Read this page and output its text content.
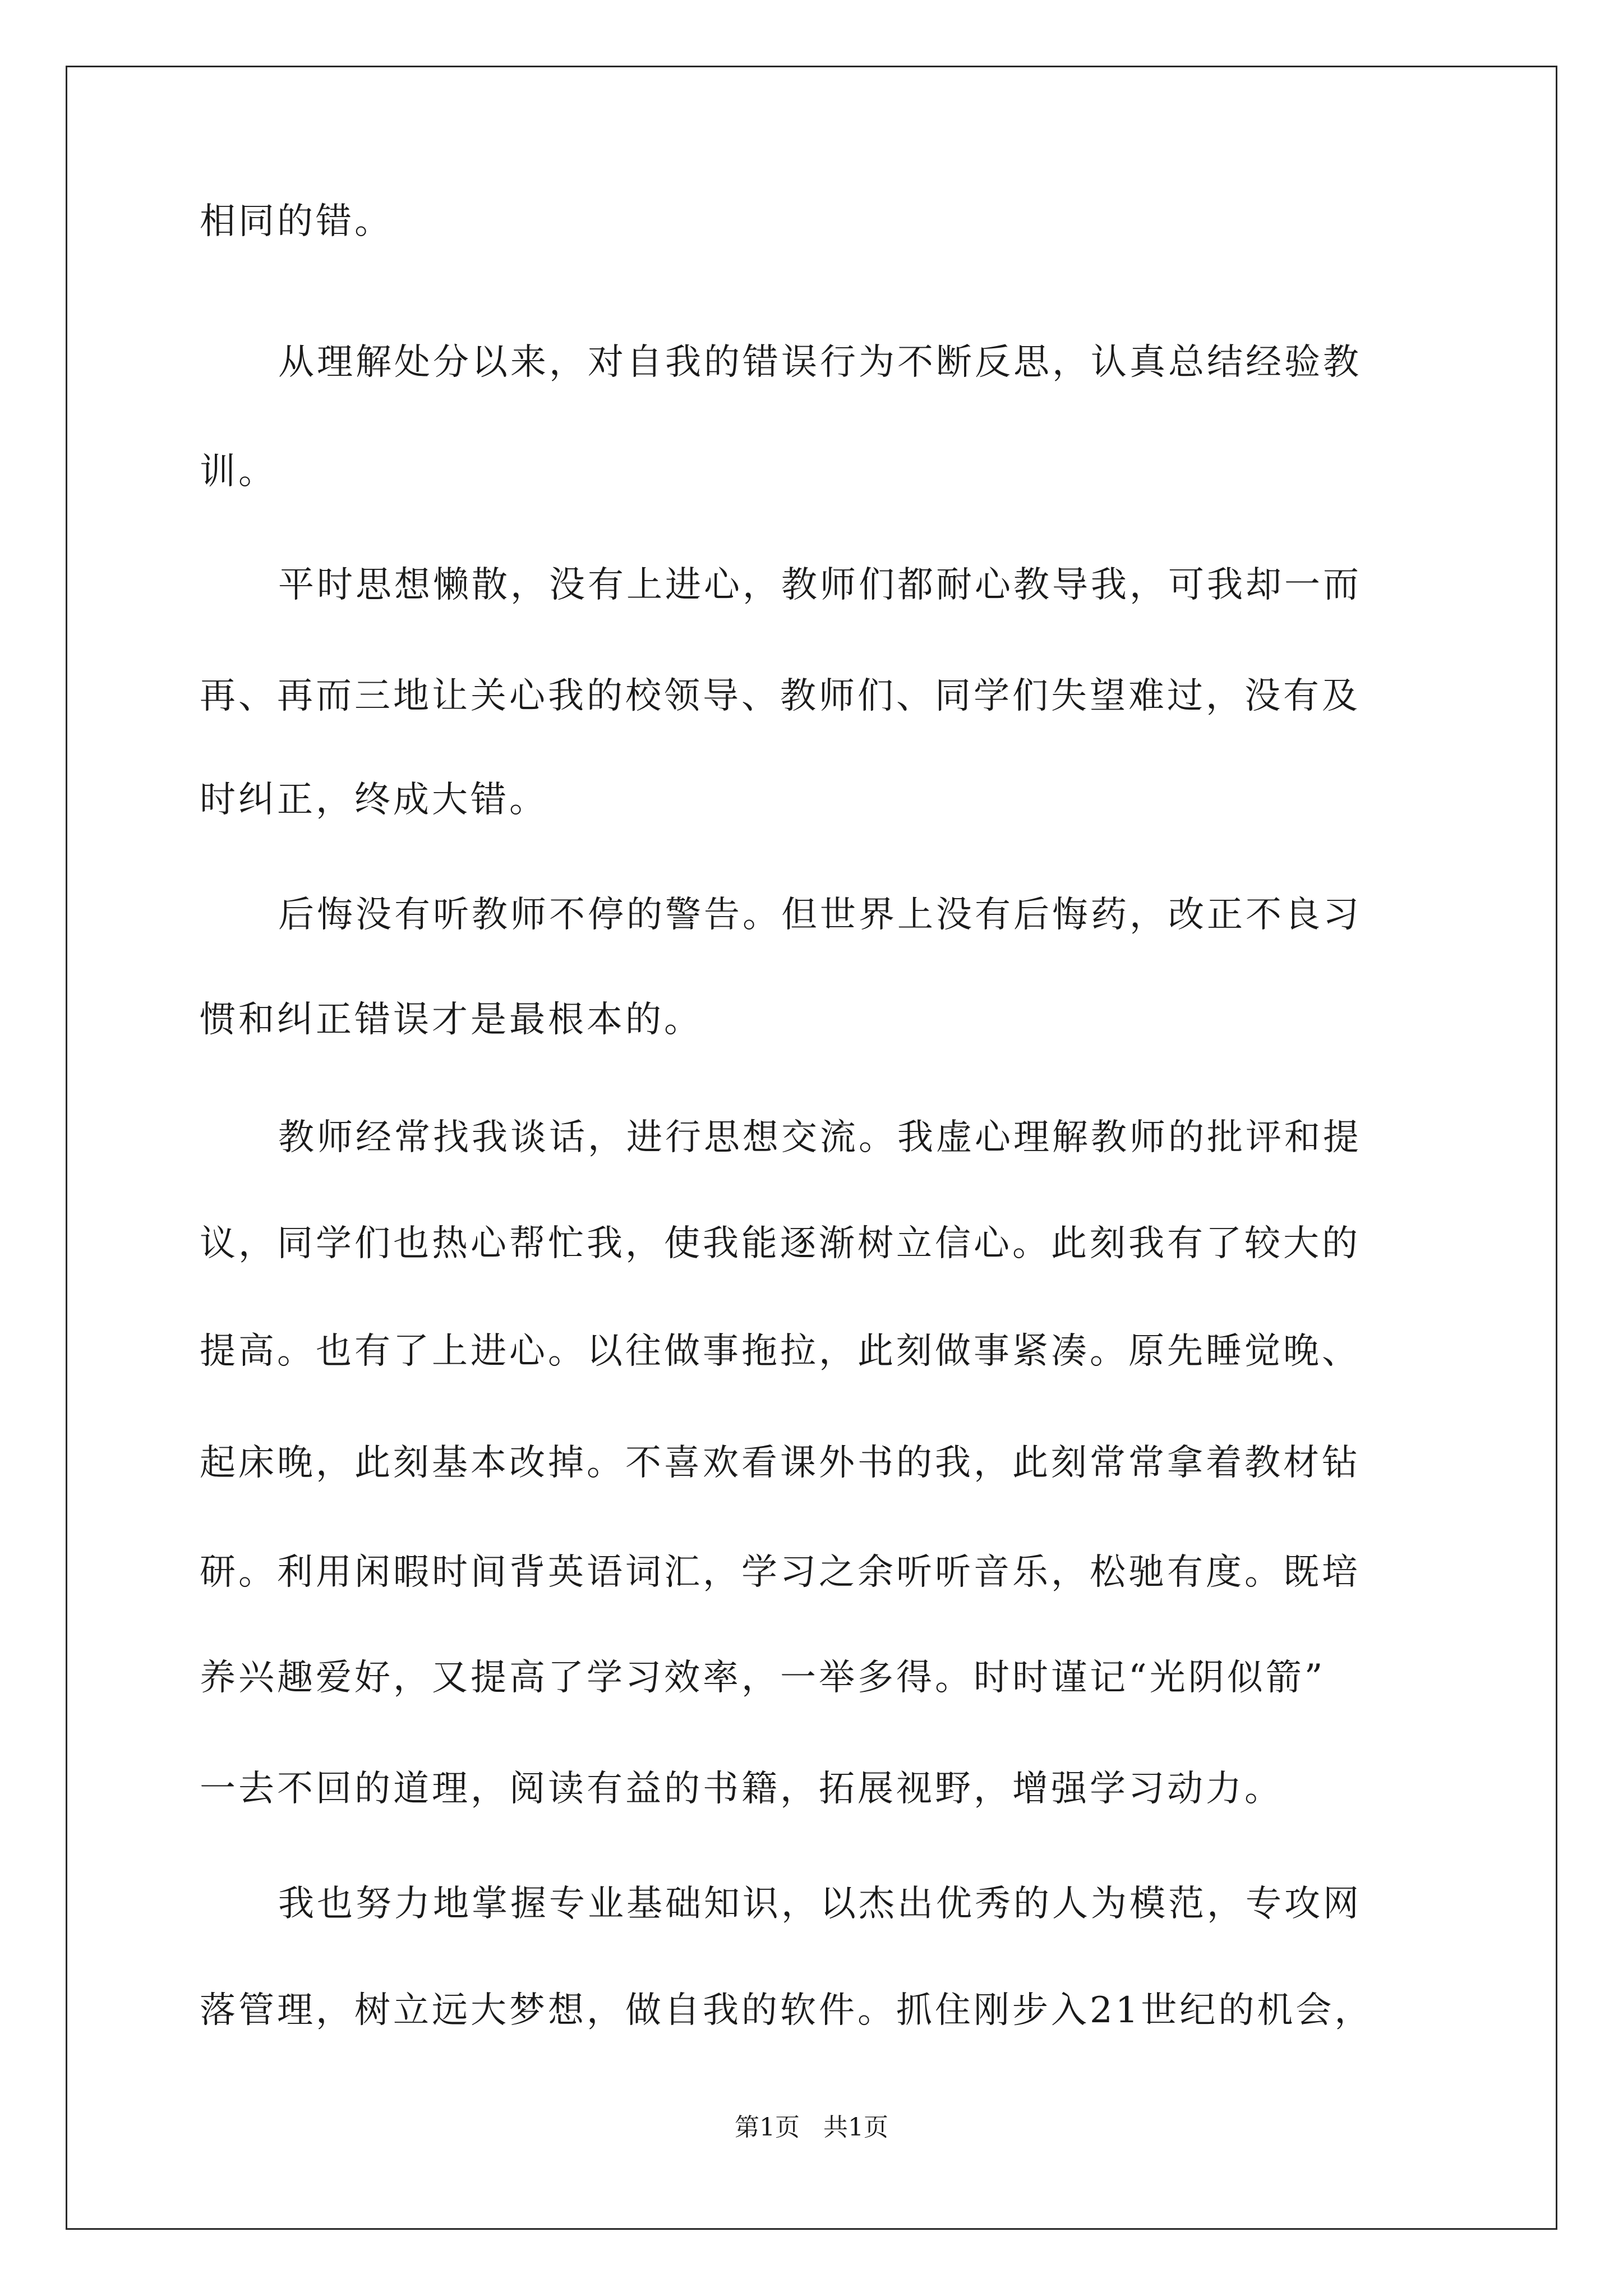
相同的错。
从理解处分以来，对自我的错误行为不断反思，认真总结经验教
训。
平时思想懒散，没有上进心，教师们都耐心教导我，可我却一而
再、再而三地让关心我的校领导、教师们、同学们失望难过，没有及
时纠正，终成大错。
后悔没有听教师不停的警告。但世界上没有后悔药，改正不良习
惯和纠正错误才是最根本的。
教师经常找我谈话，进行思想交流。我虚心理解教师的批评和提
议，同学们也热心帮忙我，使我能逐渐树立信心。此刻我有了较大的
提高。也有了上进心。以往做事拖拉，此刻做事紧凑。原先睡觉晚、
起床晚，此刻基本改掉。不喜欢看课外书的我，此刻常常拿着教材钻
研。利用闲暇时间背英语词汇，学习之余听听音乐，松驰有度。既培
养兴趣爱好，又提高了学习效率，一举多得。时时谨记“光阴似箭”
一去不回的道理，阅读有益的书籍，拓展视野，增强学习动力。
我也努力地掌握专业基础知识，以杰出优秀的人为模范，专攻网
落管理，树立远大梦想，做自我的软件。抓住刚步入21世纪的机会，
第1页 共1页
